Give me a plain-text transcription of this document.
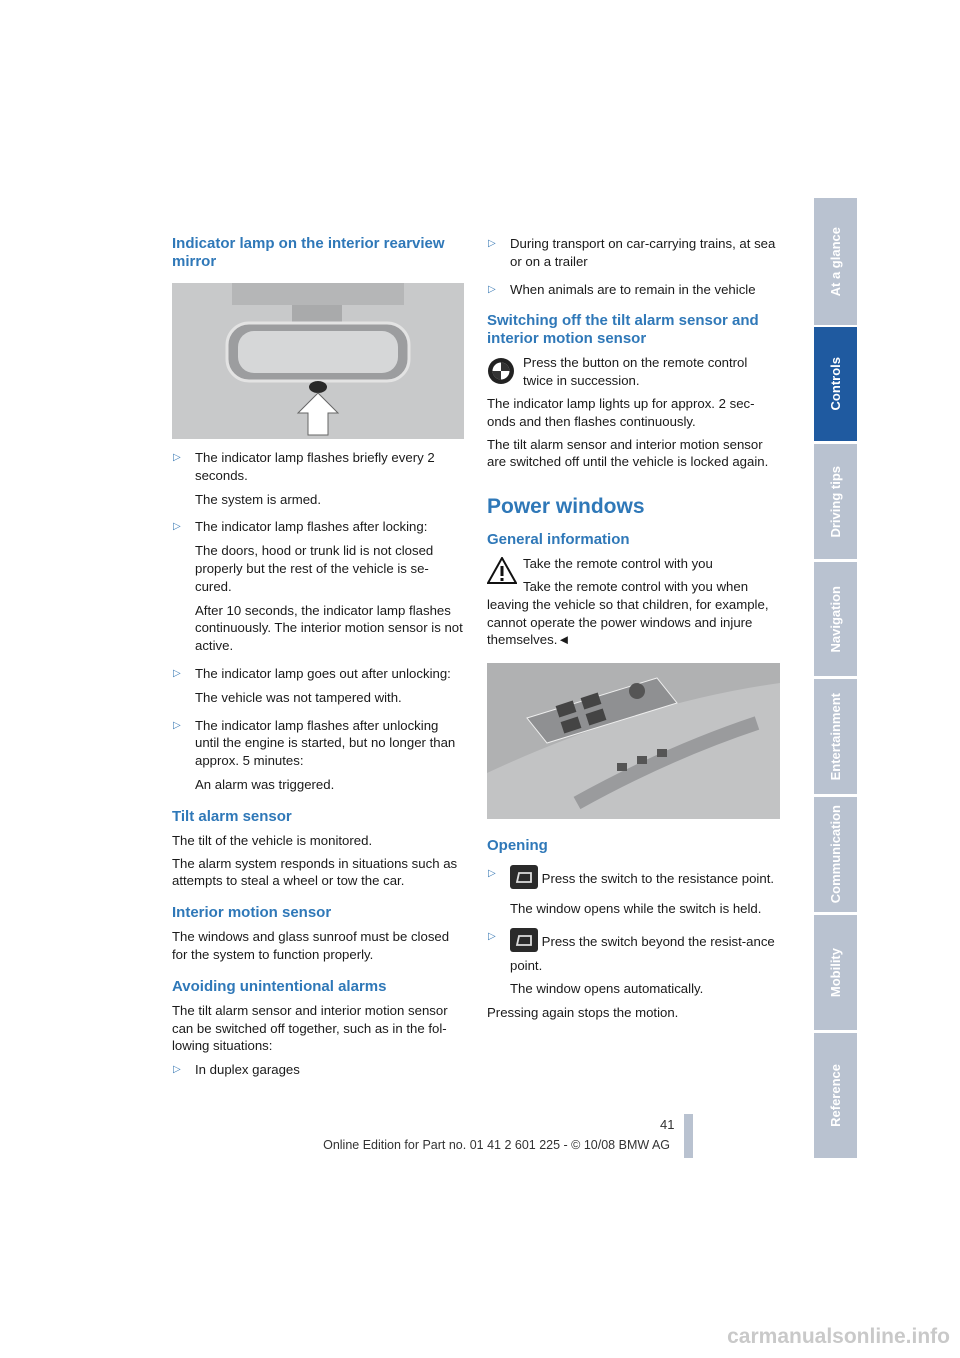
Indicator lamp on the interior rearview mirror
▷ The indicator lamp flashes briefly every 2 seconds.

The system is armed.

▷ The indicator lamp flashes after locking:

The doors, hood or trunk lid is not closed properly but the rest of the vehicle is se-cured.

After 10 seconds, the indicator lamp flashes continuously. The interior motion sensor is not active.

▷ The indicator lamp goes out after unlocking:

The vehicle was not tampered with.

▷ The indicator lamp flashes after unlocking until the engine is started, but no longer than approx. 5 minutes:

An alarm was triggered.

Tilt alarm sensor

The tilt of the vehicle is monitored.

The alarm system responds in situations such as attempts to steal a wheel or tow the car.

Interior motion sensor

The windows and glass sunroof must be closed for the system to function properly.

Avoiding unintentional alarms

The tilt alarm sensor and interior motion sensor can be switched off together, such as in the fol-lowing situations:

▷ In duplex garages

▷ During transport on car-carrying trains, at sea or on a trailer

▷ When animals are to remain in the vehicle

Switching off the tilt alarm sensor and interior motion sensor

Press the button on the remote control twice in succession.

The indicator lamp lights up for approx. 2 sec-onds and then flashes continuously.

The tilt alarm sensor and interior motion sensor are switched off until the vehicle is locked again.

Power windows
General information

Take the remote control with you

Take the remote control with you when leaving the vehicle so that children, for example, cannot operate the power windows and injure themselves.◄

Opening
▷	Press the switch to the resistance point.

The window opens while the switch is held.

▷	Press the switch beyond the resist-ance point.

The window opens automatically.

Pressing again stops the motion.

At a glance
Controls
Driving tips
Navigation
Entertainment
Communication
Mobility
Reference
41
Online Edition for Part no. 01 41 2 601 225 - © 10/08 BMW AG
carmanualsonline.info
